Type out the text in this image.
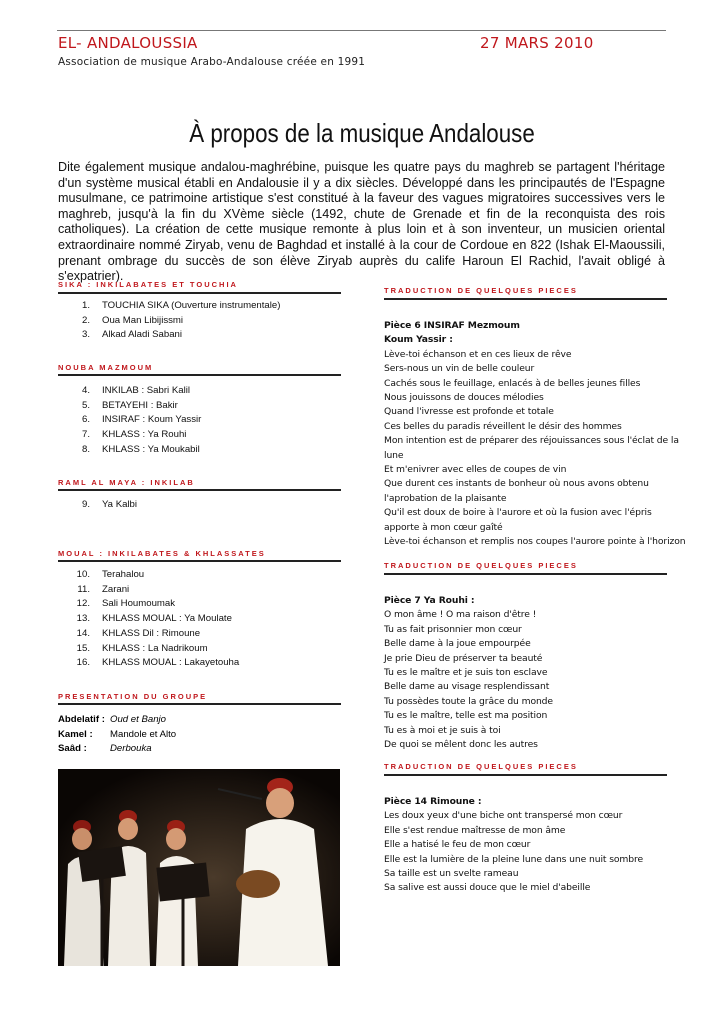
EL- ANDALOUSSIA	27 MARS 2010
Association de musique Arabo-Andalouse créée en 1991
À propos de la musique Andalouse
Dite également musique andalou-maghrébine, puisque les quatre pays du maghreb se partagent l'héritage d'un système musical établi en Andalousie il y a dix siècles. Développé dans les principautés de l'Espagne musulmane, ce patrimoine artistique s'est constitué à la faveur des vagues migratoires successives vers le maghreb, jusqu'à la fin du XVème siècle (1492, chute de Grenade et fin de la reconquista des rois catholiques). La création de cette musique remonte à plus loin et à son inventeur, un musicien oriental extraordinaire nommé Ziryab, venu de Baghdad et installé à la cour de Cordoue en 822 (Ishak El-Maoussili, prenant ombrage du succès de son élève Ziryab auprès du calife Haroun El Rachid, l'avait obligé à s'expatrier).
SIKA : INKILABATES ET TOUCHIA
1.	TOUCHIA SIKA (Ouverture instrumentale)
2.	Oua Man Libijissmi
3.	Alkad Aladi Sabani
NOUBA MAZMOUM
4.	INKILAB : Sabri Kalil
5.	BETAYEHI : Bakir
6.	INSIRAF : Koum Yassir
7.	KHLASS : Ya Rouhi
8.	KHLASS : Ya Moukabil
RAML AL MAYA : INKILAB
9.	Ya Kalbi
MOUAL : INKILABATES & KHLASSATES
10.	Terahalou
11.	Zarani
12.	Sali Houmoumak
13.	KHLASS MOUAL : Ya Moulate
14.	KHLASS Dil : Rimoune
15.	KHLASS : La Nadrikoum
16.	KHLASS MOUAL : Lakayetouha
PRESENTATION DU GROUPE
Abdelatif : Oud et Banjo
Kamel :	Mandole et Alto
Saâd :	Derbouka
TRADUCTION DE QUELQUES PIECES
Pièce 6 INSIRAF Mezmoum
Koum Yassir :
Lève-toi échanson et en ces lieux de rêve
Sers-nous un vin de belle couleur
Cachés sous le feuillage, enlacés à de belles jeunes filles
Nous jouissons de douces mélodies
Quand l'ivresse est profonde et totale
Ces belles du paradis réveillent le désir des hommes
Mon intention est de préparer des réjouissances sous l'éclat de la
lune
Et m'enivrer avec elles de coupes de vin
Que durent ces instants de bonheur où nous avons obtenu
l'aprobation de la plaisante
Qu'il est doux de boire à l'aurore et où la fusion avec l'épris
apporte à mon cœur gaîté
Lève-toi échanson et remplis nos coupes l'aurore pointe à l'horizon
TRADUCTION DE QUELQUES PIECES
Pièce 7 Ya Rouhi :
O mon âme ! O ma raison d'être !
Tu as fait prisonnier mon cœur
Belle dame à la joue empourpée
Je prie Dieu de préserver ta beauté
Tu es le maître et je suis ton esclave
Belle dame au visage resplendissant
Tu possèdes toute la grâce du monde
Tu es le maître, telle est ma position
Tu es à moi et je suis à toi
De quoi se mêlent donc les autres
TRADUCTION DE QUELQUES PIECES
Pièce 14 Rimoune :
Les doux yeux d'une biche ont transpersé mon cœur
Elle s'est rendue maîtresse de mon âme
Elle a hatisé le feu de mon cœur
Elle est la lumière de la pleine lune dans une nuit sombre
Sa taille est un svelte rameau
Sa salive est aussi douce que le miel d'abeille
